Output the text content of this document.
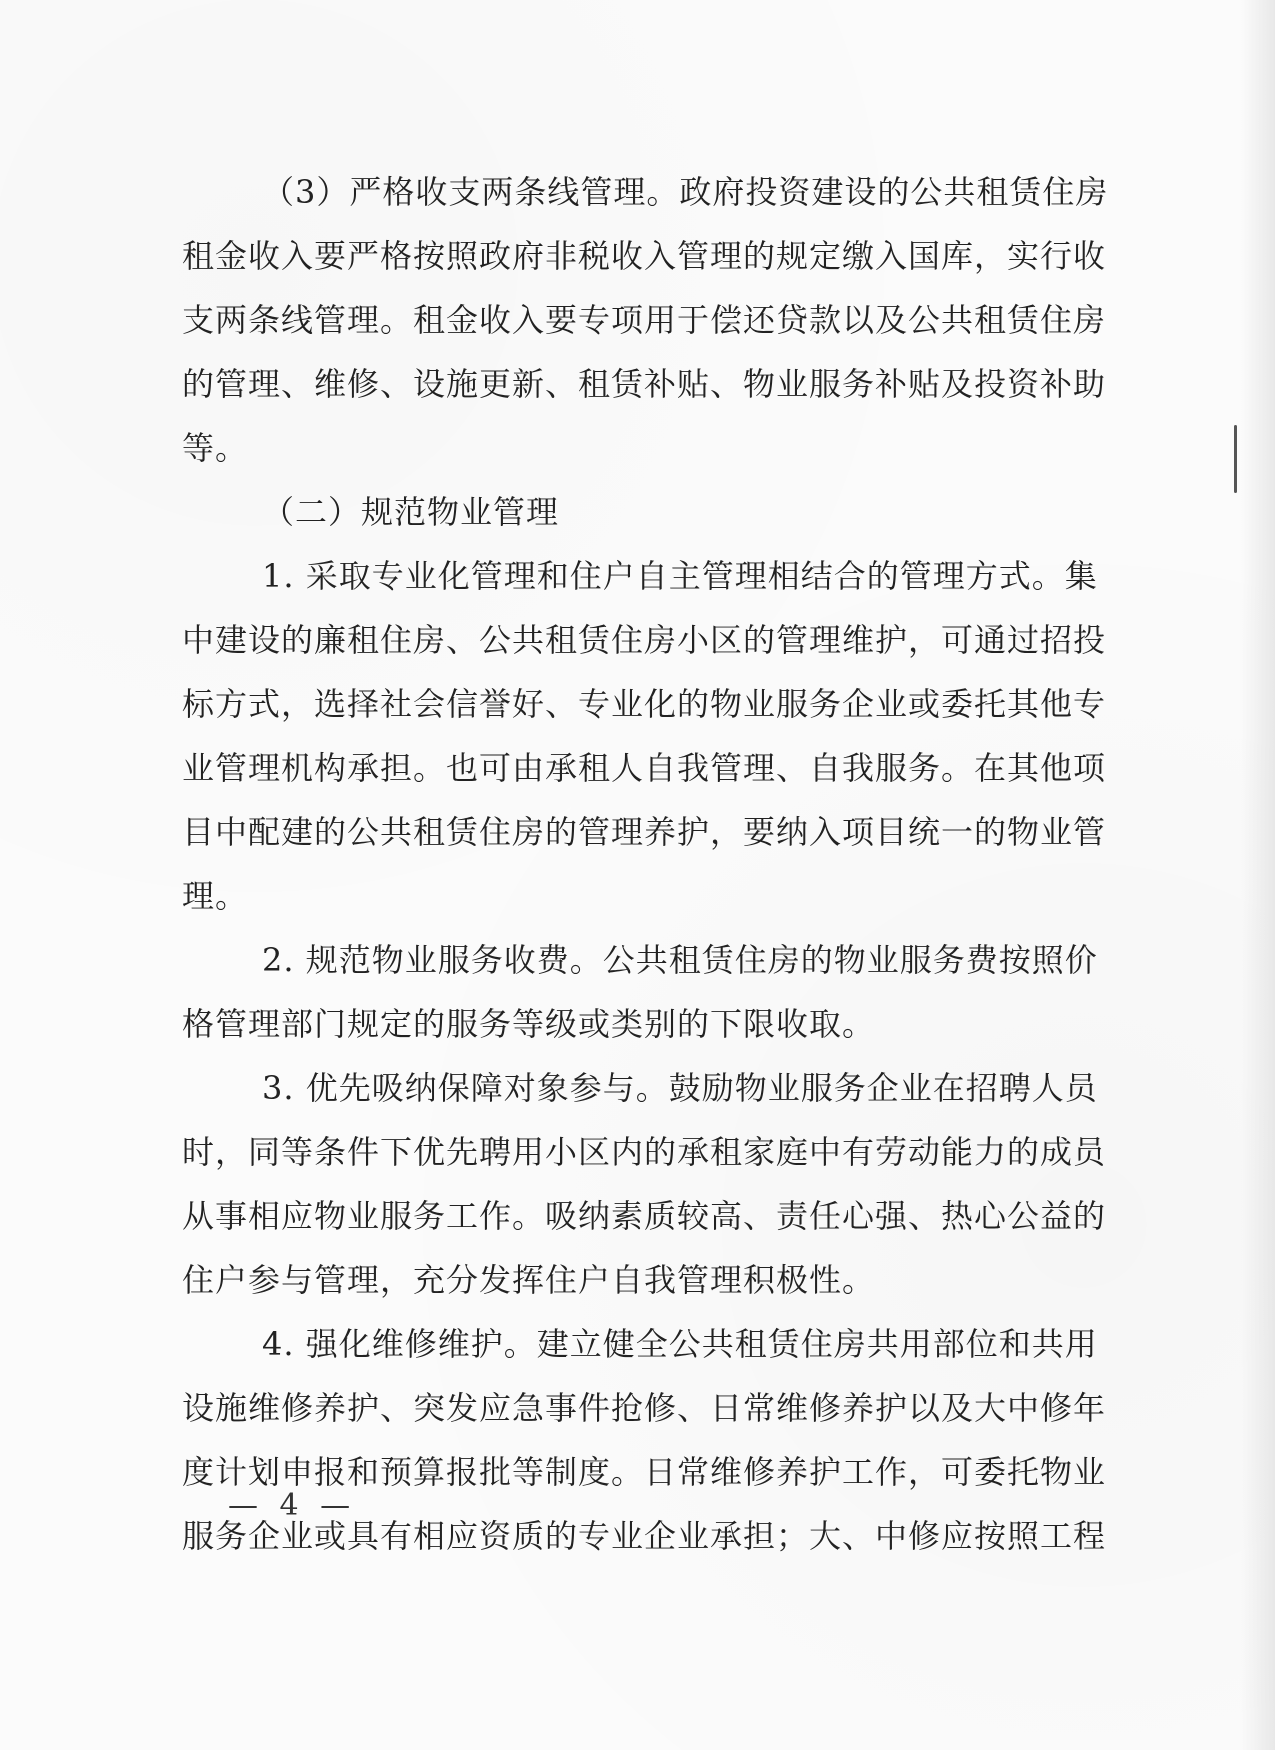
（3）严格收支两条线管理。政府投资建设的公共租赁住房
租金收入要严格按照政府非税收入管理的规定缴入国库，实行收
支两条线管理。租金收入要专项用于偿还贷款以及公共租赁住房
的管理、维修、设施更新、租赁补贴、物业服务补贴及投资补助
等。
（二）规范物业管理
1. 采取专业化管理和住户自主管理相结合的管理方式。集
中建设的廉租住房、公共租赁住房小区的管理维护，可通过招投
标方式，选择社会信誉好、专业化的物业服务企业或委托其他专
业管理机构承担。也可由承租人自我管理、自我服务。在其他项
目中配建的公共租赁住房的管理养护，要纳入项目统一的物业管
理。
2. 规范物业服务收费。公共租赁住房的物业服务费按照价
格管理部门规定的服务等级或类别的下限收取。
3. 优先吸纳保障对象参与。鼓励物业服务企业在招聘人员
时，同等条件下优先聘用小区内的承租家庭中有劳动能力的成员
从事相应物业服务工作。吸纳素质较高、责任心强、热心公益的
住户参与管理，充分发挥住户自我管理积极性。
4. 强化维修维护。建立健全公共租赁住房共用部位和共用
设施维修养护、突发应急事件抢修、日常维修养护以及大中修年
度计划申报和预算报批等制度。日常维修养护工作，可委托物业
服务企业或具有相应资质的专业企业承担；大、中修应按照工程
— 4 —
